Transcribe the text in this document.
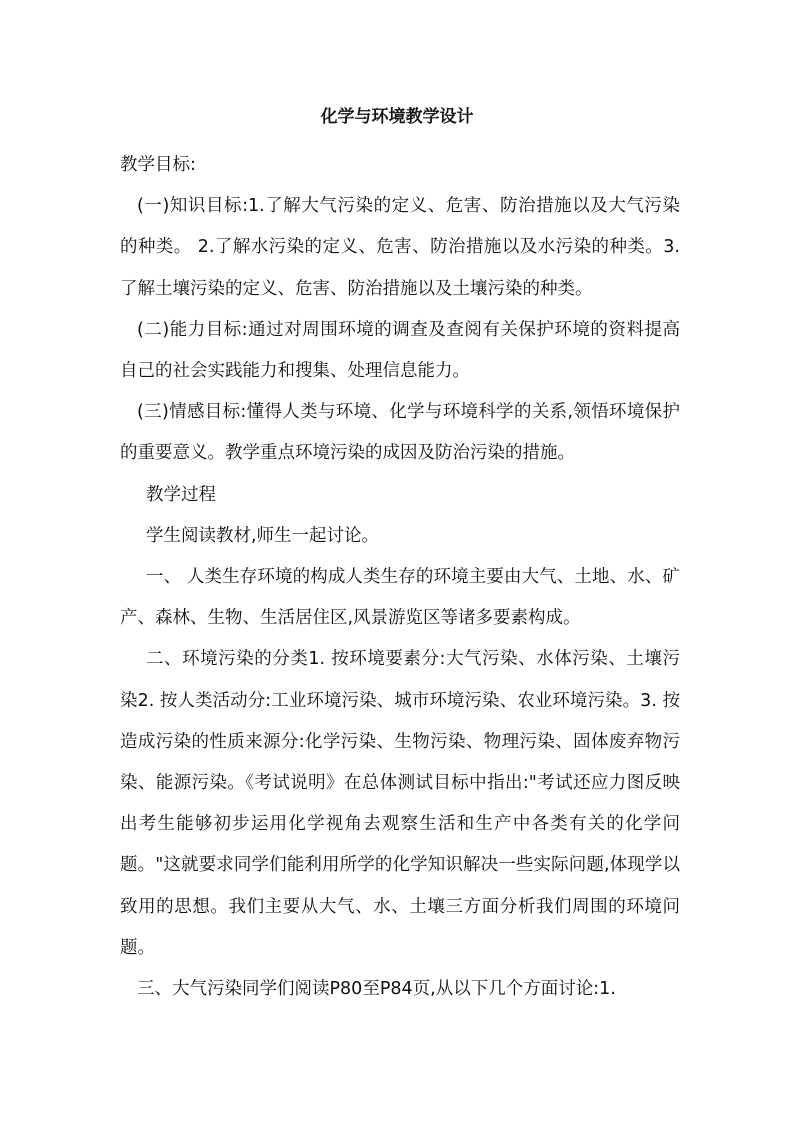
化学与环境教学设计

教学目标:

(一)知识目标:1.了解大气污染的定义、危害、防治措施以及大气污染的种类。 2.了解水污染的定义、危害、防治措施以及水污染的种类。3.了解土壤污染的定义、危害、防治措施以及土壤污染的种类。

(二)能力目标:通过对周围环境的调查及查阅有关保护环境的资料提高自己的社会实践能力和搜集、处理信息能力。

(三)情感目标:懂得人类与环境、化学与环境科学的关系,领悟环境保护的重要意义。教学重点环境污染的成因及防治污染的措施。

教学过程

学生阅读教材,师生一起讨论。

一、 人类生存环境的构成人类生存的环境主要由大气、土地、水、矿产、森林、生物、生活居住区,风景游览区等诸多要素构成。

二、环境污染的分类1. 按环境要素分:大气污染、水体污染、土壤污染2. 按人类活动分:工业环境污染、城市环境污染、农业环境污染。3. 按造成污染的性质来源分:化学污染、生物污染、物理污染、固体废弃物污染、能源污染。《考试说明》在总体测试目标中指出:"考试还应力图反映出考生能够初步运用化学视角去观察生活和生产中各类有关的化学问题。"这就要求同学们能利用所学的化学知识解决一些实际问题,体现学以致用的思想。我们主要从大气、水、土壤三方面分析我们周围的环境问题。

三、大气污染同学们阅读P80至P84页,从以下几个方面讨论:1.
